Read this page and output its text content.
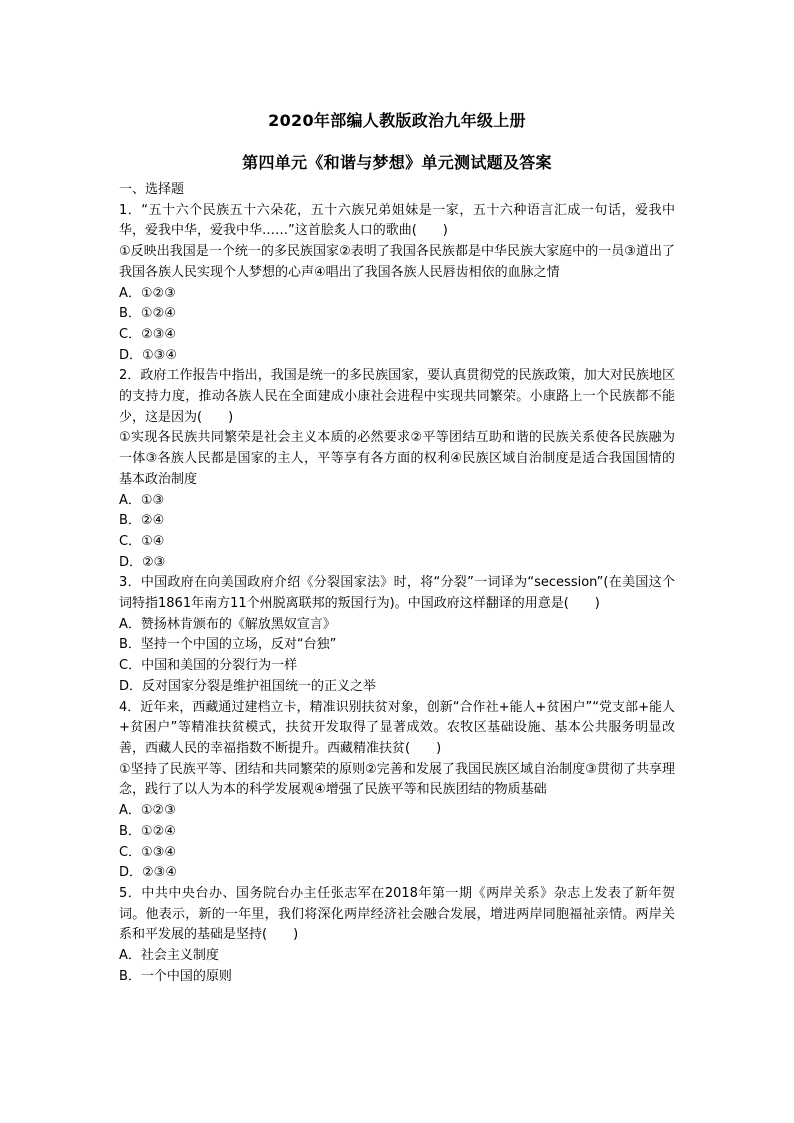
2020年部编人教版政治九年级上册
第四单元《和谐与梦想》单元测试题及答案

一、选择题

1．“五十六个民族五十六朵花，五十六族兄弟姐妹是一家，五十六种语言汇成一句话，爱我中华，爱我中华，爱我中华……”这首脍炙人口的歌曲(　　)

①反映出我国是一个统一的多民族国家②表明了我国各民族都是中华民族大家庭中的一员③道出了我国各族人民实现个人梦想的心声④唱出了我国各族人民唇齿相依的血脉之情

A．①②③

B．①②④

C．②③④

D．①③④

2．政府工作报告中指出，我国是统一的多民族国家，要认真贯彻党的民族政策，加大对民族地区的支持力度，推动各族人民在全面建成小康社会进程中实现共同繁荣。小康路上一个民族都不能少，这是因为(　　)

①实现各民族共同繁荣是社会主义本质的必然要求②平等团结互助和谐的民族关系使各民族融为一体③各族人民都是国家的主人，平等享有各方面的权利④民族区域自治制度是适合我国国情的基本政治制度

A．①③

B．②④

C．①④

D．②③

3．中国政府在向美国政府介绍《分裂国家法》时，将“分裂”一词译为“secession”(在美国这个词特指1861年南方11个州脱离联邦的叛国行为)。中国政府这样翻译的用意是(　　)

A．赞扬林肯颁布的《解放黑奴宣言》

B．坚持一个中国的立场，反对“台独”

C．中国和美国的分裂行为一样

D．反对国家分裂是维护祖国统一的正义之举

4．近年来，西藏通过建档立卡，精准识别扶贫对象，创新“合作社+能人+贫困户”“党支部+能人+贫困户”等精准扶贫模式，扶贫开发取得了显著成效。农牧区基础设施、基本公共服务明显改善，西藏人民的幸福指数不断提升。西藏精准扶贫(　　)

①坚持了民族平等、团结和共同繁荣的原则②完善和发展了我国民族区域自治制度③贯彻了共享理念，践行了以人为本的科学发展观④增强了民族平等和民族团结的物质基础

A．①②③

B．①②④

C．①③④

D．②③④

5．中共中央台办、国务院台办主任张志军在2018年第一期《两岸关系》杂志上发表了新年贺词。他表示，新的一年里，我们将深化两岸经济社会融合发展，增进两岸同胞福祉亲情。两岸关系和平发展的基础是坚持(　　)

A．社会主义制度

B．一个中国的原则
